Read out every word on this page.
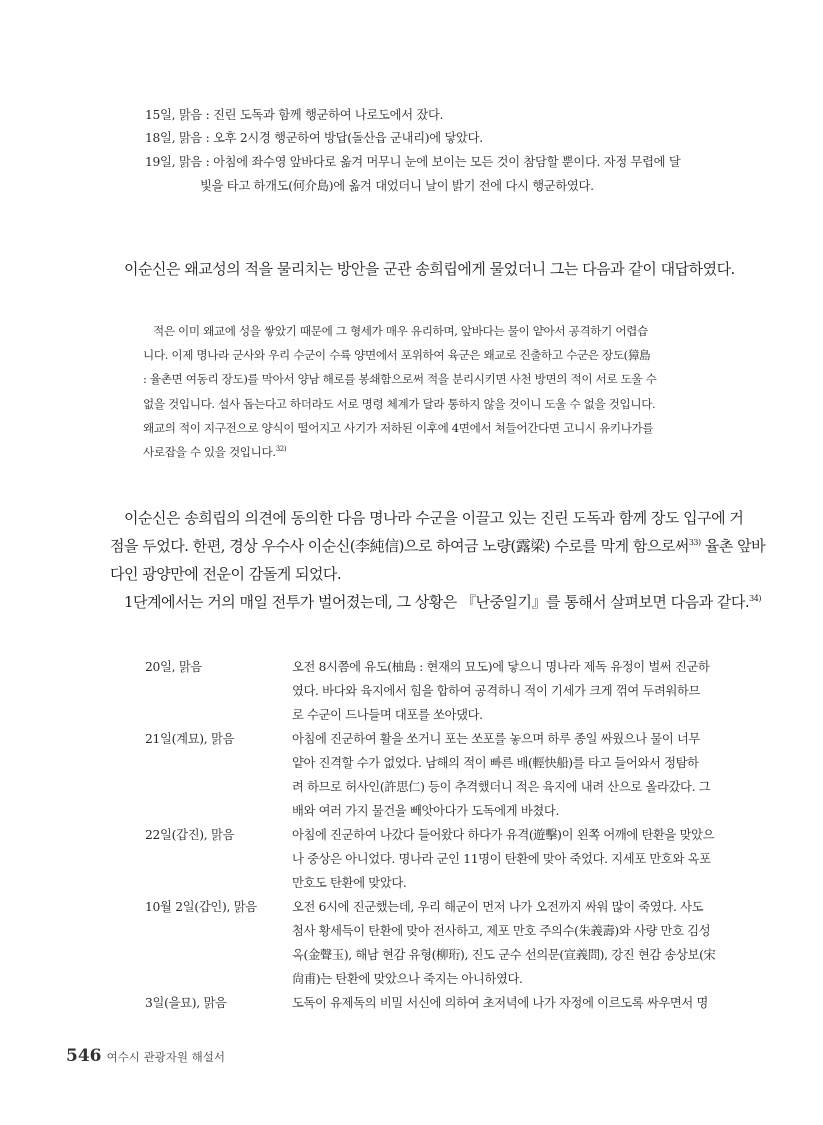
15일, 맑음 : 진린 도독과 함께 행군하여 나로도에서 잤다.
18일, 맑음 : 오후 2시경 행군하여 방답(돌산읍 군내리)에 닿았다.
19일, 맑음 : 아침에 좌수영 앞바다로 옮겨 머무니 눈에 보이는 모든 것이 참담할 뿐이다. 자정 무렵에 달
빛을 타고 하개도(何介島)에 옮겨 대었더니 날이 밝기 전에 다시 행군하였다.
이순신은 왜교성의 적을 물리치는 방안을 군관 송희립에게 물었더니 그는 다음과 같이 대답하였다.
적은 이미 왜교에 성을 쌓았기 때문에 그 형세가 매우 유리하며, 앞바다는 물이 얕아서 공격하기 어렵습
니다. 이제 명나라 군사와 우리 수군이 수륙 양면에서 포위하여 육군은 왜교로 진출하고 수군은 장도(獐島
: 율촌면 여동리 장도)를 막아서 양남 해로를 봉쇄함으로써 적을 분리시키면 사천 방면의 적이 서로 도울 수
없을 것입니다. 설사 돕는다고 하더라도 서로 명령 체계가 달라 통하지 않을 것이니 도울 수 없을 것입니다.
왜교의 적이 지구전으로 양식이 떨어지고 사기가 저하된 이후에 4면에서 쳐들어간다면 고니시 유키나가를
사로잡을 수 있을 것입니다.$^{32)}$
이순신은 송희립의 의견에 동의한 다음 명나라 수군을 이끌고 있는 진린 도독과 함께 장도 입구에 거
점을 두었다. 한편, 경상 우수사 이순신(李純信)으로 하여금 노량(露梁) 수로를 막게 함으로써$^{33)}$ 율촌 앞바
다인 광양만에 전운이 감돌게 되었다.
1단계에서는 거의 매일 전투가 벌어졌는데, 그 상황은 『난중일기』를 통해서 살펴보면 다음과 같다.$^{34)}$
20일, 맑음	오전 8시쯤에 유도(柚島 : 현재의 묘도)에 닿으니 명나라 제독 유정이 벌써 진군하
였다. 바다와 육지에서 힘을 합하여 공격하니 적이 기세가 크게 꺾여 두려워하므
로 수군이 드나들며 대포를 쏘아댔다.
21일(계묘), 맑음	아침에 진군하여 활을 쏘거니 포는 쏘포를 놓으며 하루 종일 싸웠으나 물이 너무
얕아 진격할 수가 없었다. 남해의 적이 빠른 배(輕快船)를 타고 들어와서 정탐하
려 하므로 허사인(許思仁) 등이 추격했더니 적은 육지에 내려 산으로 올라갔다. 그
배와 여러 가지 물건을 빼앗아다가 도독에게 바쳤다.
22일(갑진), 맑음	아침에 진군하여 나갔다 들어왔다 하다가 유격(遊擊)이 왼쪽 어깨에 탄환을 맞았으
나 중상은 아니었다. 명나라 군인 11명이 탄환에 맞아 죽었다. 지세포 만호와 옥포
만호도 탄환에 맞았다.
10월 2일(갑인), 맑음	오전 6시에 진군했는데, 우리 해군이 먼저 나가 오전까지 싸워 많이 죽였다. 사도
첨사 황세득이 탄환에 맞아 전사하고, 제포 만호 주의수(朱義壽)와 사량 만호 김성
옥(金聲玉), 해남 현감 유형(柳珩), 진도 군수 선의문(宣義問), 강진 현감 송상보(宋
尙甫)는 탄환에 맞았으나 죽지는 아니하였다.
3일(을묘), 맑음	도독이 유제독의 비밀 서신에 의하여 초저녁에 나가 자정에 이르도록 싸우면서 명
546 여수시 관광자원 해설서
